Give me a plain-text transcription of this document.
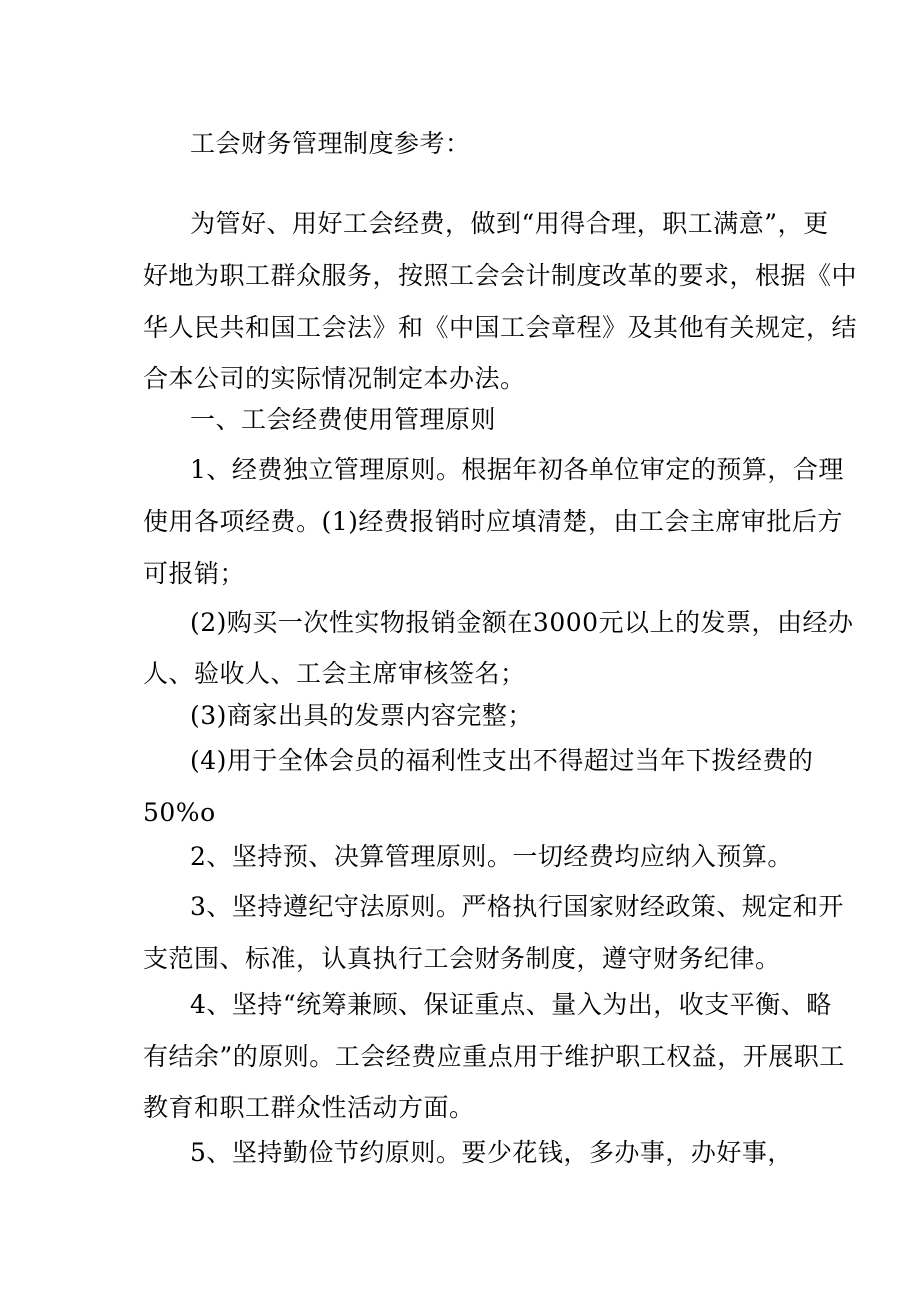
工会财务管理制度参考：
为管好、用好工会经费，做到“用得合理，职工满意”，更
好地为职工群众服务，按照工会会计制度改革的要求，根据《中
华人民共和国工会法》和《中国工会章程》及其他有关规定，结
合本公司的实际情况制定本办法。
一、工会经费使用管理原则
1、经费独立管理原则。根据年初各单位审定的预算，合理
使用各项经费。(1)经费报销时应填清楚，由工会主席审批后方
可报销；
(2)购买一次性实物报销金额在3000元以上的发票，由经办
人、验收人、工会主席审核签名；
(3)商家出具的发票内容完整；
(4)用于全体会员的福利性支出不得超过当年下拨经费的
50%o
2、坚持预、决算管理原则。一切经费均应纳入预算。
3、坚持遵纪守法原则。严格执行国家财经政策、规定和开
支范围、标准，认真执行工会财务制度，遵守财务纪律。
4、坚持“统筹兼顾、保证重点、量入为出，收支平衡、略
有结余”的原则。工会经费应重点用于维护职工权益，开展职工
教育和职工群众性活动方面。
5、坚持勤俭节约原则。要少花钱，多办事，办好事，
